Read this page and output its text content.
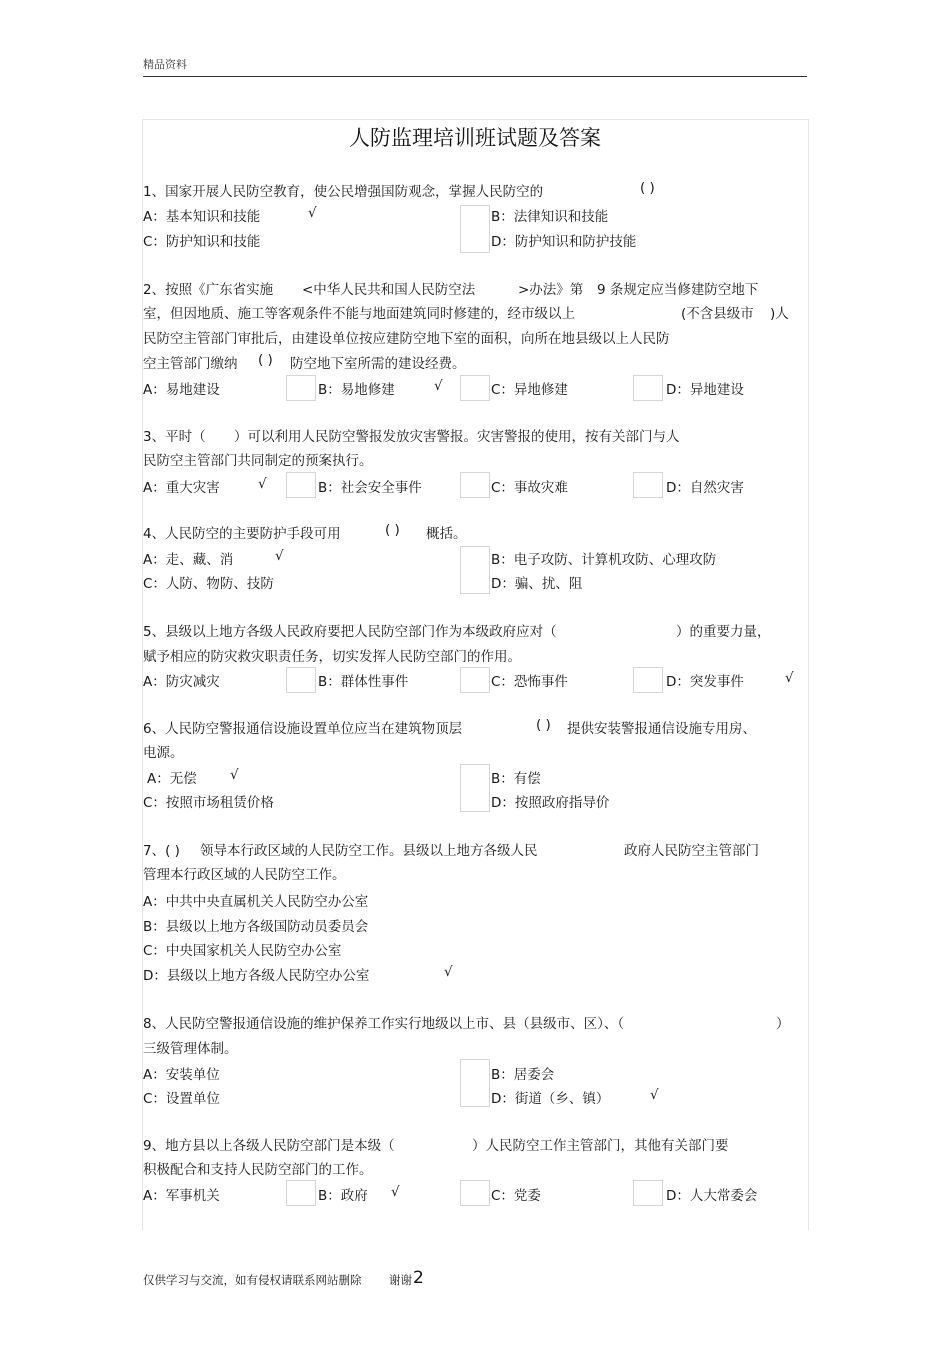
精品资料
人防监理培训班试题及答案
1、国家开展人民防空教育，使公民增强国防观念，掌握人民防空的	( )
A：基本知识和技能	√	B：法律知识和技能
C：防护知识和技能	D：防护知识和防护技能
2、按照《广东省实施 <中华人民共和国人民防空法	>办法》第 9 条规定应当修建防空地下
室，但因地质、施工等客观条件不能与地面建筑同时修建的，经市级以上	(不含县级市 )人
民防空主管部门审批后，由建设单位按应建防空地下室的面积，向所在地县级以上人民防
空主管部门缴纳 ( ) 防空地下室所需的建设经费。
A：易地建设	B：易地修建	√	C：异地修建	D：异地建设
3、平时（ ）可以利用人民防空警报发放灾害警报。灾害警报的使用，按有关部门与人
民防空主管部门共同制定的预案执行。
A：重大灾害	√	B：社会安全事件	C：事故灾难	D：自然灾害
4、人民防空的主要防护手段可用	( ) 概括。
A：走、藏、消	√	B：电子攻防、计算机攻防、心理攻防
C：人防、物防、技防	D：骗、扰、阻
5、县级以上地方各级人民政府要把人民防空部门作为本级政府应对（	）的重要力量，
赋予相应的防灾救灾职责任务，切实发挥人民防空部门的作用。
A：防灾减灾	B：群体性事件	C：恐怖事件	D：突发事件	√
6、人民防空警报通信设施设置单位应当在建筑物顶层	( ) 提供安装警报通信设施专用房、
电源。
A：无偿 √	B：有偿
C：按照市场租赁价格	D：按照政府指导价
7、( ) 领导本行政区域的人民防空工作。县级以上地方各级人民	政府人民防空主管部门
管理本行政区域的人民防空工作。
A：中共中央直属机关人民防空办公室
B：县级以上地方各级国防动员委员会
C：中央国家机关人民防空办公室
D：县级以上地方各级人民防空办公室	√
8、人民防空警报通信设施的维护保养工作实行地级以上市、县（县级市、区）、（	）
三级管理体制。
A：安装单位	B：居委会
C：设置单位	D：街道（乡、镇）	√
9、地方县以上各级人民防空部门是本级（	）人民防空工作主管部门，其他有关部门要
积极配合和支持人民防空部门的工作。
A：军事机关	B：政府 √	C：党委	D：人大常委会
仅供学习与交流，如有侵权请联系网站删除 谢谢 2
